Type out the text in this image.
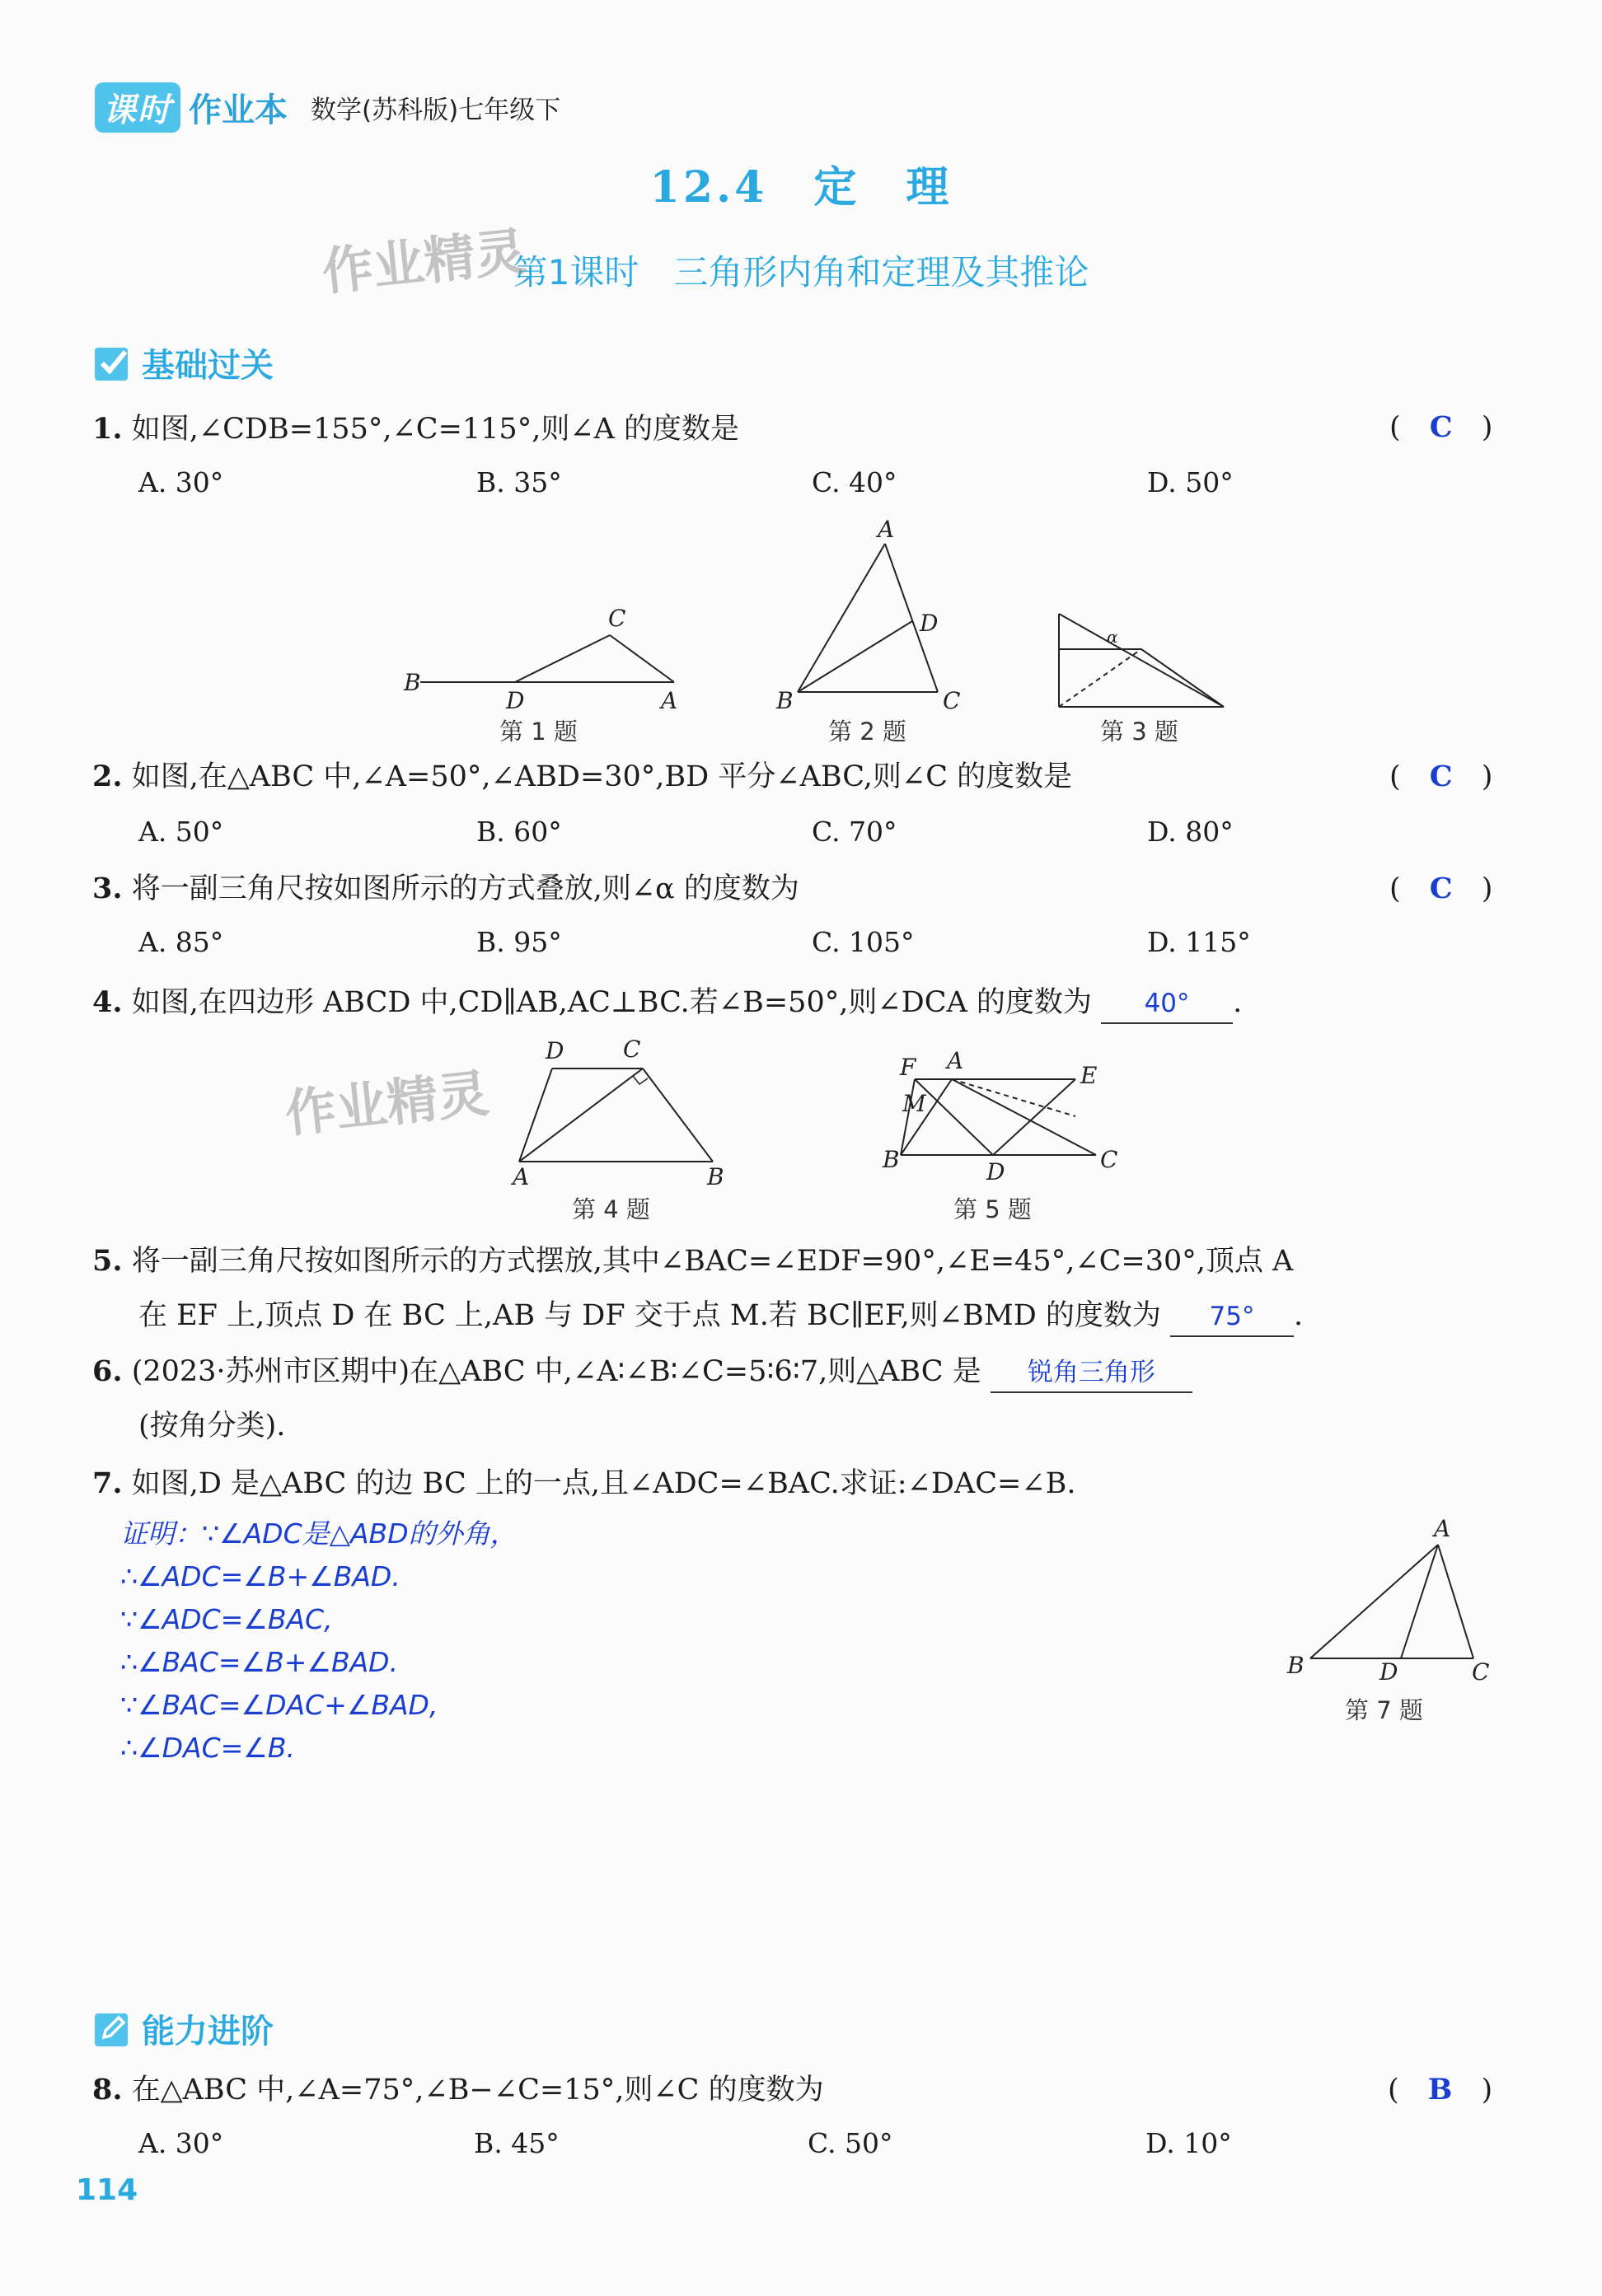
课时 作业本 数学(苏科版)七年级下
12.4　定　理
第1课时　三角形内角和定理及其推论
作业精灵
作业精灵
基础过关
1. 如图,∠CDB=155°,∠C=115°,则∠A 的度数是	( C )
A. 30°	B. 35°	C. 40°	D. 50°
B
C
D	A
第 1 题
A
D
B	C
第 2 题
α
第 3 题
2. 如图,在△ABC 中,∠A=50°,∠ABD=30°,BD 平分∠ABC,则∠C 的度数是	( C )
A. 50°	B. 60°	C. 70°	D. 80°
3. 将一副三角尺按如图所示的方式叠放,则∠α 的度数为	( C )
A. 85°	B. 95°	C. 105°	D. 115°
4. 如图,在四边形 ABCD 中,CD∥AB,AC⊥BC.若∠B=50°,则∠DCA 的度数为 40° .
D	C
A	B
第 4 题
F A
E
M
B	D	C
第 5 题
5. 将一副三角尺按如图所示的方式摆放,其中∠BAC=∠EDF=90°,∠E=45°,∠C=30°,顶点 A
在 EF 上,顶点 D 在 BC 上,AB 与 DF 交于点 M.若 BC∥EF,则∠BMD 的度数为 75° .
6. (2023·苏州市区期中)在△ABC 中,∠A∶∠B∶∠C=5∶6∶7,则△ABC 是 锐角三角形
(按角分类).
7. 如图,D 是△ABC 的边 BC 上的一点,且∠ADC=∠BAC.求证:∠DAC=∠B.
证明：∵∠ADC是△ABD的外角，
∴∠ADC=∠B+∠BAD.
∵∠ADC=∠BAC,
∴∠BAC=∠B+∠BAD.
∵∠BAC=∠DAC+∠BAD,
∴∠DAC=∠B.
A
B	D	C
第 7 题
能力进阶
8. 在△ABC 中,∠A=75°,∠B−∠C=15°,则∠C 的度数为	( B )
A. 30°	B. 45°	C. 50°	D. 10°
114
